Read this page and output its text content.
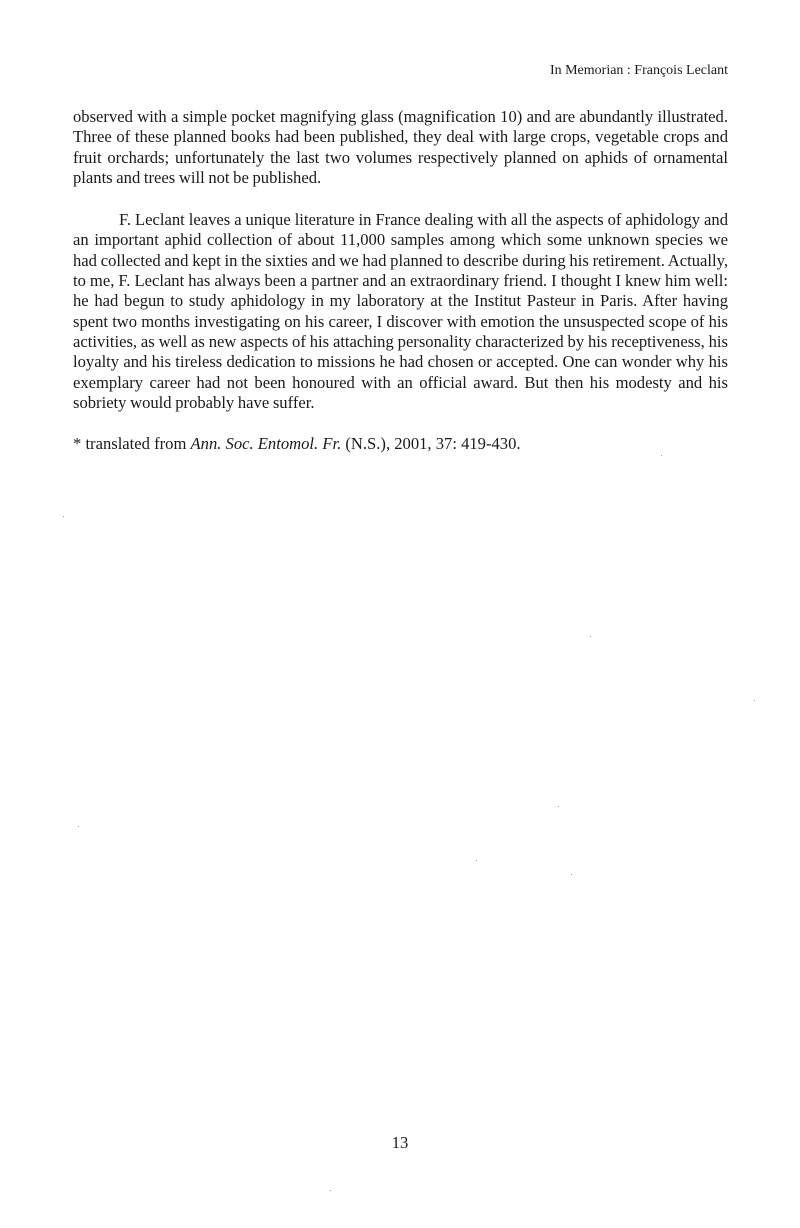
In Memorian : François Leclant

observed with a simple pocket magnifying glass (magnification 10) and are abundantly illustrated. Three of these planned books had been published, they deal with large crops, vegetable crops and fruit orchards; unfortunately the last two volumes respectively planned on aphids of ornamental plants and trees will not be published.

F. Leclant leaves a unique literature in France dealing with all the aspects of aphidology and an important aphid collection of about 11,000 samples among which some unknown species we had collected and kept in the sixties and we had planned to describe during his retirement. Actually, to me, F. Leclant has always been a partner and an extraordinary friend. I thought I knew him well: he had begun to study aphidology in my laboratory at the Institut Pasteur in Paris. After having spent two months investigating on his career, I discover with emotion the unsuspected scope of his activities, as well as new aspects of his attaching personality characterized by his receptiveness, his loyalty and his tireless dedication to missions he had chosen or accepted. One can wonder why his exemplary career had not been honoured with an official award. But then his modesty and his sobriety would probably have suffer.

* translated from Ann. Soc. Entomol. Fr. (N.S.), 2001, 37: 419-430.

13
